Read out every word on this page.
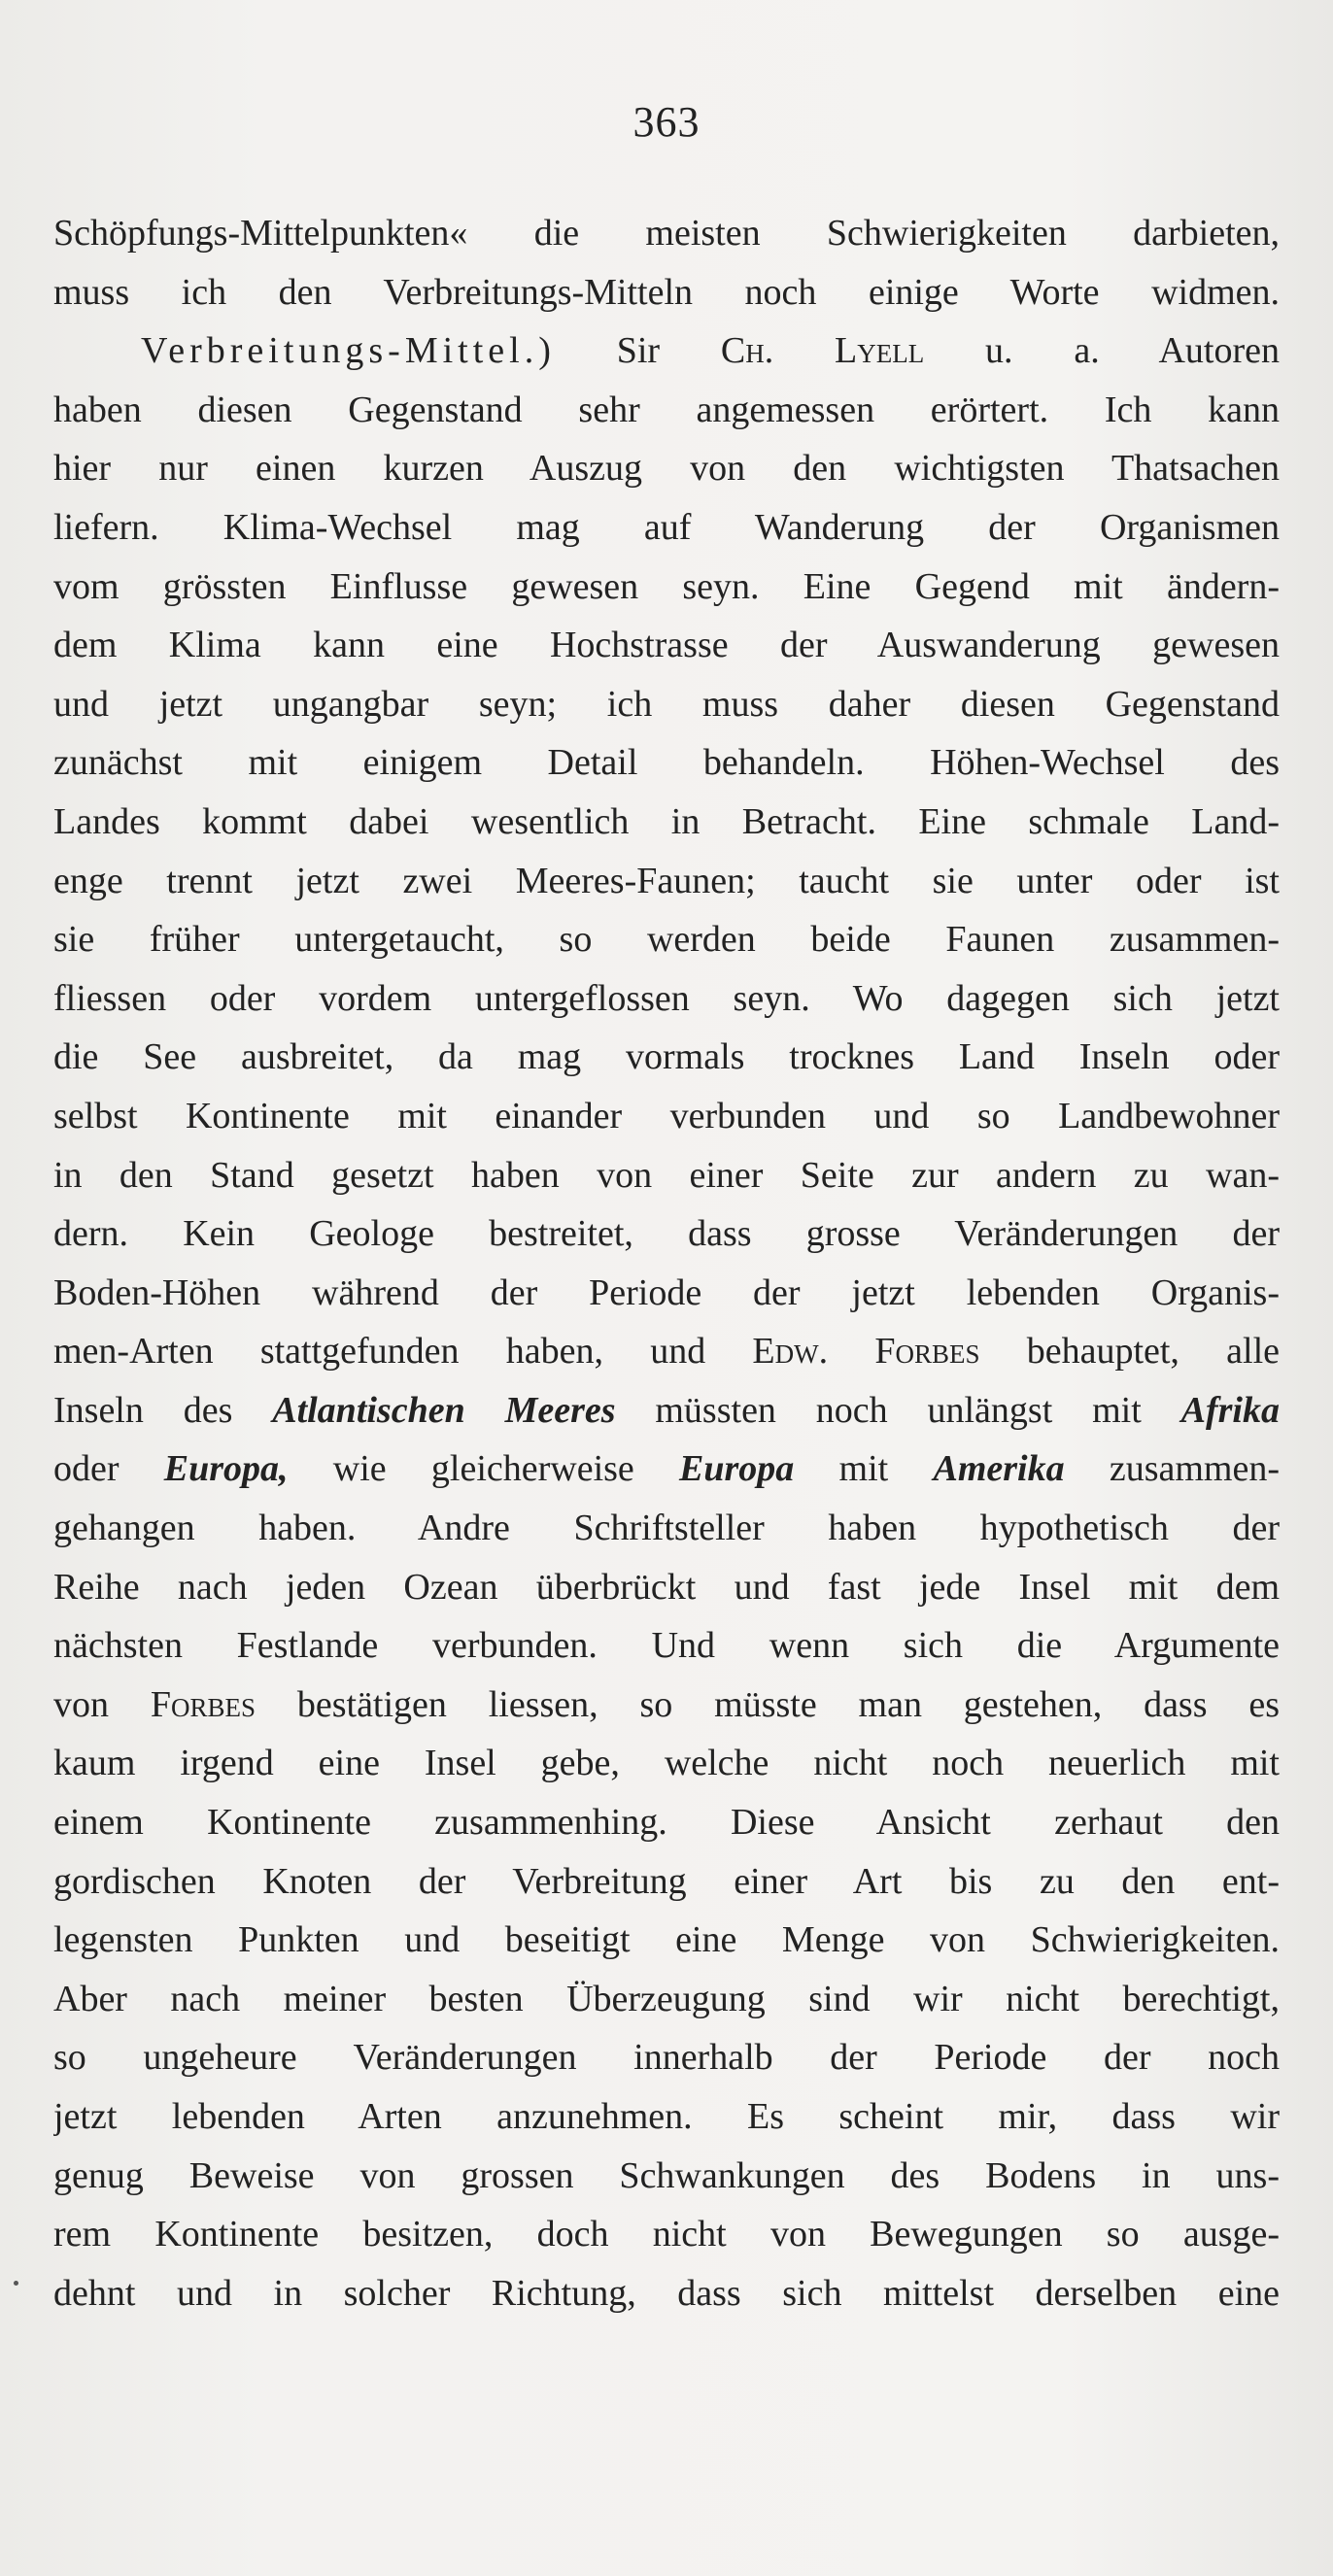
363
Schöpfungs-Mittelpunkten« die meisten Schwierigkeiten darbieten,
muss ich den Verbreitungs-Mitteln noch einige Worte widmen.
Verbreitungs-Mittel.) Sir Ch. Lyell u. a. Autoren
haben diesen Gegenstand sehr angemessen erörtert. Ich kann
hier nur einen kurzen Auszug von den wichtigsten Thatsachen
liefern. Klima-Wechsel mag auf Wanderung der Organismen
vom grössten Einflusse gewesen seyn. Eine Gegend mit ändern-
dem Klima kann eine Hochstrasse der Auswanderung gewesen
und jetzt ungangbar seyn; ich muss daher diesen Gegenstand
zunächst mit einigem Detail behandeln. Höhen-Wechsel des
Landes kommt dabei wesentlich in Betracht. Eine schmale Land-
enge trennt jetzt zwei Meeres-Faunen; taucht sie unter oder ist
sie früher untergetaucht, so werden beide Faunen zusammen-
fliessen oder vordem untergeflossen seyn. Wo dagegen sich jetzt
die See ausbreitet, da mag vormals trocknes Land Inseln oder
selbst Kontinente mit einander verbunden und so Landbewohner
in den Stand gesetzt haben von einer Seite zur andern zu wan-
dern. Kein Geologe bestreitet, dass grosse Veränderungen der
Boden-Höhen während der Periode der jetzt lebenden Organis-
men-Arten stattgefunden haben, und Edw. Forbes behauptet, alle
Inseln des Atlantischen Meeres müssten noch unlängst mit Afrika
oder Europa, wie gleicherweise Europa mit Amerika zusammen-
gehangen haben. Andre Schriftsteller haben hypothetisch der
Reihe nach jeden Ozean überbrückt und fast jede Insel mit dem
nächsten Festlande verbunden. Und wenn sich die Argumente
von Forbes bestätigen liessen, so müsste man gestehen, dass es
kaum irgend eine Insel gebe, welche nicht noch neuerlich mit
einem Kontinente zusammenhing. Diese Ansicht zerhaut den
gordischen Knoten der Verbreitung einer Art bis zu den ent-
legensten Punkten und beseitigt eine Menge von Schwierigkeiten.
Aber nach meiner besten Überzeugung sind wir nicht berechtigt,
so ungeheure Veränderungen innerhalb der Periode der noch
jetzt lebenden Arten anzunehmen. Es scheint mir, dass wir
genug Beweise von grossen Schwankungen des Bodens in uns-
rem Kontinente besitzen, doch nicht von Bewegungen so ausge-
dehnt und in solcher Richtung, dass sich mittelst derselben eine
